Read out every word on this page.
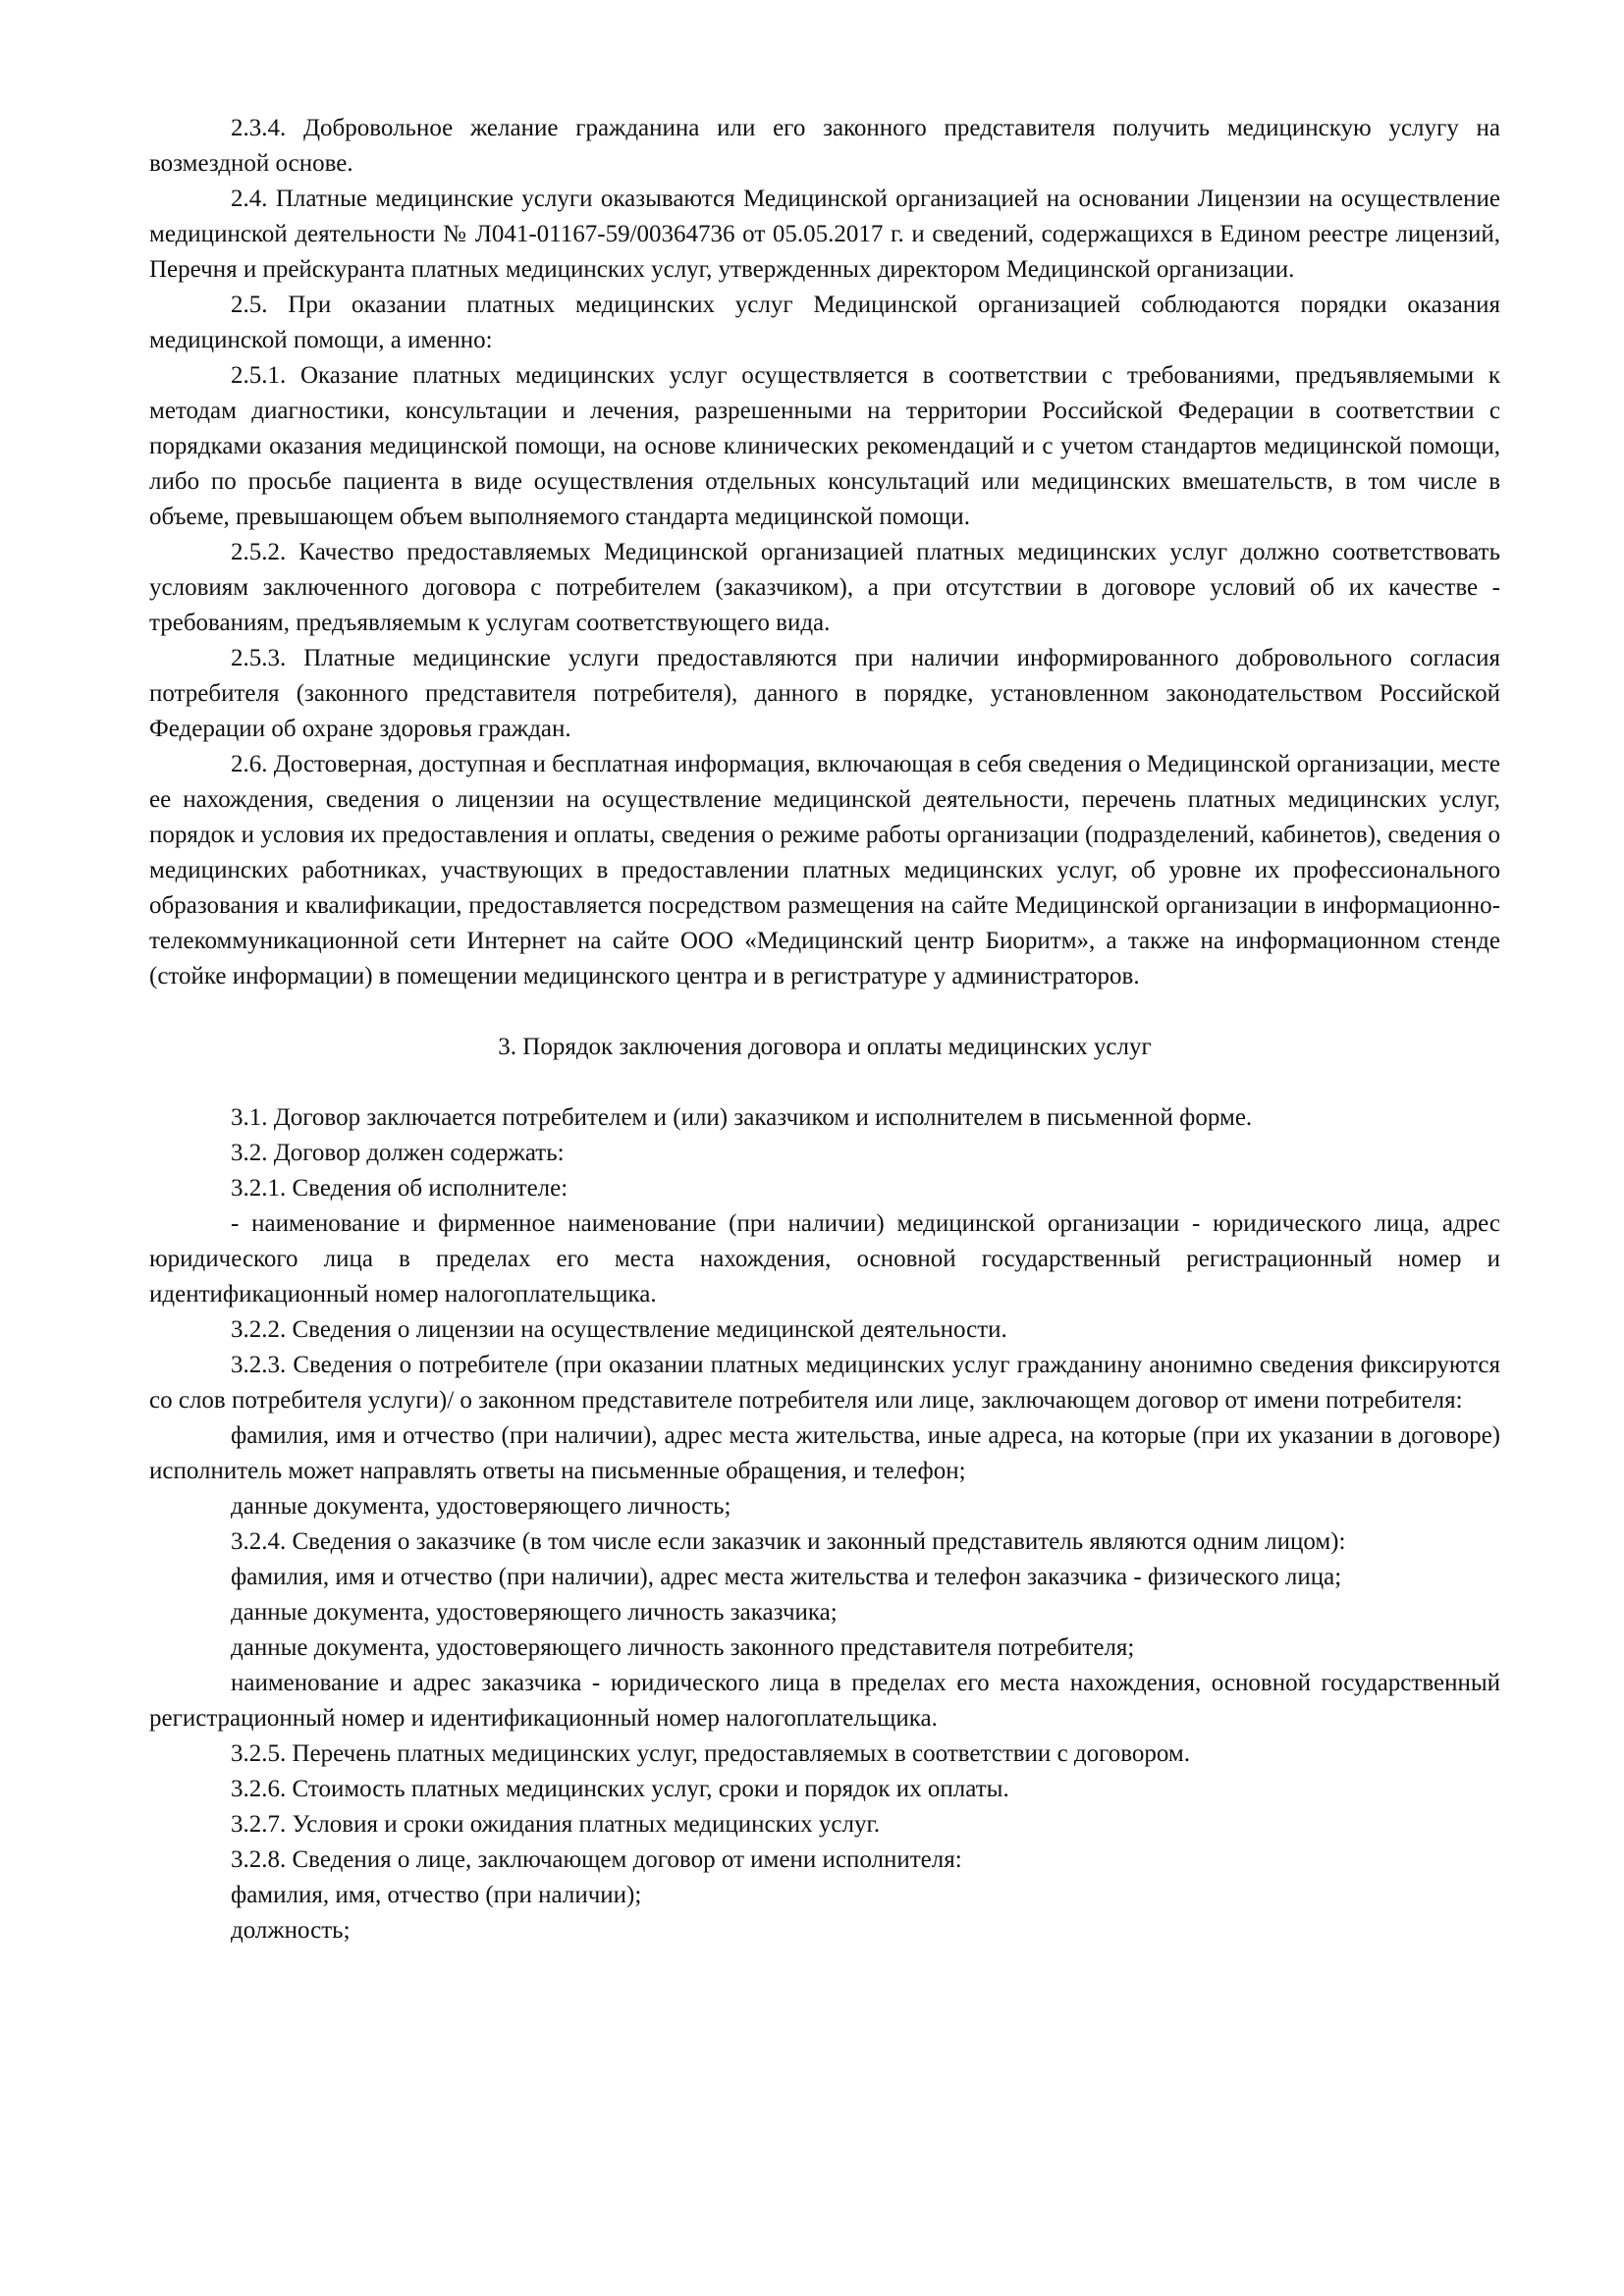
2.3.4. Добровольное желание гражданина или его законного представителя получить медицинскую услугу на возмездной основе.

2.4. Платные медицинские услуги оказываются Медицинской организацией на основании Лицензии на осуществление медицинской деятельности № Л041-01167-59/00364736 от 05.05.2017 г. и сведений, содержащихся в Едином реестре лицензий, Перечня и прейскуранта платных медицинских услуг, утвержденных директором Медицинской организации.

2.5. При оказании платных медицинских услуг Медицинской организацией соблюдаются порядки оказания медицинской помощи, а именно:

2.5.1. Оказание платных медицинских услуг осуществляется в соответствии с требованиями, предъявляемыми к методам диагностики, консультации и лечения, разрешенными на территории Российской Федерации в соответствии с порядками оказания медицинской помощи, на основе клинических рекомендаций и с учетом стандартов медицинской помощи, либо по просьбе пациента в виде осуществления отдельных консультаций или медицинских вмешательств, в том числе в объеме, превышающем объем выполняемого стандарта медицинской помощи.

2.5.2. Качество предоставляемых Медицинской организацией платных медицинских услуг должно соответствовать условиям заключенного договора с потребителем (заказчиком), а при отсутствии в договоре условий об их качестве - требованиям, предъявляемым к услугам соответствующего вида.

2.5.3. Платные медицинские услуги предоставляются при наличии информированного добровольного согласия потребителя (законного представителя потребителя), данного в порядке, установленном законодательством Российской Федерации об охране здоровья граждан.

2.6. Достоверная, доступная и бесплатная информация, включающая в себя сведения о Медицинской организации, месте ее нахождения, сведения о лицензии на осуществление медицинской деятельности, перечень платных медицинских услуг, порядок и условия их предоставления и оплаты, сведения о режиме работы организации (подразделений, кабинетов), сведения о медицинских работниках, участвующих в предоставлении платных медицинских услуг, об уровне их профессионального образования и квалификации, предоставляется посредством размещения на сайте Медицинской организации в информационно-телекоммуникационной сети Интернет на сайте ООО «Медицинский центр Биоритм», а также на информационном стенде (стойке информации) в помещении медицинского центра и в регистратуре у администраторов.

3. Порядок заключения договора и оплаты медицинских услуг

3.1. Договор заключается потребителем и (или) заказчиком и исполнителем в письменной форме.

3.2. Договор должен содержать:

3.2.1. Сведения об исполнителе:

- наименование и фирменное наименование (при наличии) медицинской организации - юридического лица, адрес юридического лица в пределах его места нахождения, основной государственный регистрационный номер и идентификационный номер налогоплательщика.

3.2.2. Сведения о лицензии на осуществление медицинской деятельности.

3.2.3. Сведения о потребителе (при оказании платных медицинских услуг гражданину анонимно сведения фиксируются со слов потребителя услуги)/ о законном представителе потребителя или лице, заключающем договор от имени потребителя:

фамилия, имя и отчество (при наличии), адрес места жительства, иные адреса, на которые (при их указании в договоре) исполнитель может направлять ответы на письменные обращения, и телефон;

данные документа, удостоверяющего личность;

3.2.4. Сведения о заказчике (в том числе если заказчик и законный представитель являются одним лицом):

фамилия, имя и отчество (при наличии), адрес места жительства и телефон заказчика - физического лица;

данные документа, удостоверяющего личность заказчика;

данные документа, удостоверяющего личность законного представителя потребителя;

наименование и адрес заказчика - юридического лица в пределах его места нахождения, основной государственный регистрационный номер и идентификационный номер налогоплательщика.

3.2.5. Перечень платных медицинских услуг, предоставляемых в соответствии с договором.

3.2.6. Стоимость платных медицинских услуг, сроки и порядок их оплаты.

3.2.7. Условия и сроки ожидания платных медицинских услуг.

3.2.8. Сведения о лице, заключающем договор от имени исполнителя:

фамилия, имя, отчество (при наличии);

должность;
